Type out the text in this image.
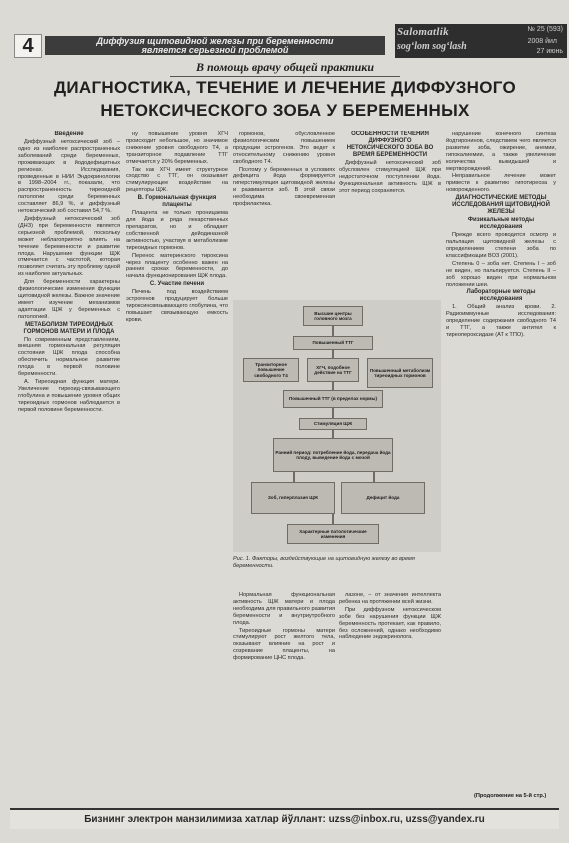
4	Диффузия щитовидной железы при беременности
является серьезной проблемой
Salomatlik
sog‘lom sog‘lash
№ 25 (593)
2008 йил
27 июнь
В помощь врачу общей практики
ДИАГНОСТИКА, ТЕЧЕНИЕ И ЛЕЧЕНИЕ ДИФФУЗНОГО
НЕТОКСИЧЕСКОГО ЗОБА У БЕРЕМЕННЫХ

Введение

Диффузный нетоксический зоб – одно из наиболее распространенных заболеваний среди беременных, проживающих в йододефицитных регионах. Исследования, проведенные в НИИ Эндокринологии в 1998–2004 гг., показали, что распространенность тиреоидной патологии среди беременных составляет 86,9 %, и диффузный нетоксический зоб составил 54,7 %.

Диффузный нетоксический зоб (ДНЗ) при беременности является серьезной проблемой, поскольку может неблагоприятно влиять на течение беременности и развитие плода. Нарушение функции ЩЖ отмечается с частотой, которая позволяет считать эту проблему одной из наиболее актуальных.

Для беременности характерны физиологические изменения функции щитовидной железы. Важное значение имеет изучение механизмов адаптации ЩЖ у беременных с патологией.

МЕТАБОЛИЗМ ТИРЕОИДНЫХ ГОРМОНОВ МАТЕРИ И ПЛОДА

По современным представлениям, внешняя гормональная регуляция состояния ЩЖ плода способна обеспечить нормальное развитие плода в первой половине беременности.

А. Тиреоидная функция матери. Увеличение тиреоид-связывающего глобулина и повышение уровня общих тиреоидных гормонов наблюдается в первой половине беременности.

ну повышение уровня ХГЧ происходит небольшое, но значимое снижение уровня свободного Т4, а транзиторное подавление ТТГ отмечается у 20% беременных.

Так как ХГЧ имеет структурное сходство с ТТГ, он оказывает стимулирующее воздействие на рецепторы ЩЖ.

В. Гормональная функция плаценты

Плацента не только проницаема для йода и ряда лекарственных препаратов, но и обладает собственной дейодиназной активностью, участвуя в метаболизме тиреоидных гормонов.

Перенос материнского тироксина через плаценту особенно важен на ранних сроках беременности, до начала функционирования ЩЖ плода.

С. Участие печени

Печень под воздействием эстрогенов продуцирует больше тироксинсвязывающего глобулина, что повышает связывающую емкость крови.

гормонов, обусловленное физиологическим повышением продукции эстрогенов. Это ведет к относительному снижению уровня свободного Т4.

Поэтому у беременных в условиях дефицита йода формируется гиперстимуляция щитовидной железы и развивается зоб. В этой связи необходима своевременная профилактика.

ОСОБЕННОСТИ ТЕЧЕНИЯ ДИФФУЗНОГО НЕТОКСИЧЕСКОГО ЗОБА ВО ВРЕМЯ БЕРЕМЕННОСТИ

Диффузный нетоксический зоб обусловлен стимуляцией ЩЖ при недостаточном поступлении йода. Функциональная активность ЩЖ в этот период сохраняется.

Высшие центры головного мозга
Повышенный ТТГ
Транзиторное повышение свободного Т4
ХГЧ, подобное действие на ТТГ	Повышенный метаболизм тиреоидных гормонов
Повышенный ТТГ (в пределах нормы)
Стимуляция ЩЖ
Ранний период: потребление йода, передача йода плоду, выведение йода с мочой
Зоб, гиперплазия ЩЖ	Дефицит йода
Характерные патологические изменения
Рис. 1. Факторы, воздействующие на щитовидную железу во время беременности.

Нормальная функциональная активность ЩЖ матери и плода необходима для правильного развития беременности и внутриутробного плода.

Тиреоидные гормоны матери стимулируют рост желтого тела, оказывают влияние на рост и созревание плаценты, на формирование ЦНС плода.

лазоне, – от значения интеллекта ребенка на протяжении всей жизни.

При диффузном нетоксическом зобе без нарушения функции ЩЖ беременность протекает, как правило, без осложнений, однако необходимо наблюдение эндокринолога.

нарушение конечного синтеза йодтиронинов, следствием чего является развитие зоба, ожирение, анемии, гипокалиемии, а также увеличение количества выкидышей и мертворождений.

Неправильное лечение может привести к развитию гипотиреоза у новорожденного.

ДИАГНОСТИЧЕСКИЕ МЕТОДЫ ИССЛЕДОВАНИЯ ЩИТОВИДНОЙ ЖЕЛЕЗЫ

Физикальные методы исследования

Прежде всего проводится осмотр и пальпация щитовидной железы с определением степени зоба по классификации ВОЗ (2001).

Степень 0 – зоба нет. Степень I – зоб не виден, но пальпируется. Степень II – зоб хорошо виден при нормальном положении шеи.

Лабораторные методы исследования

1. Общий анализ крови. 2. Радиоиммунные исследования: определение содержания свободного Т4 и ТТГ, а также антител к тиреопероксидазе (АТ к ТПО).

(Продолжение на 5-й стр.)
Бизнинг электрон манзилимиза хатлар йўллант: uzss@inbox.ru, uzss@yandex.ru
